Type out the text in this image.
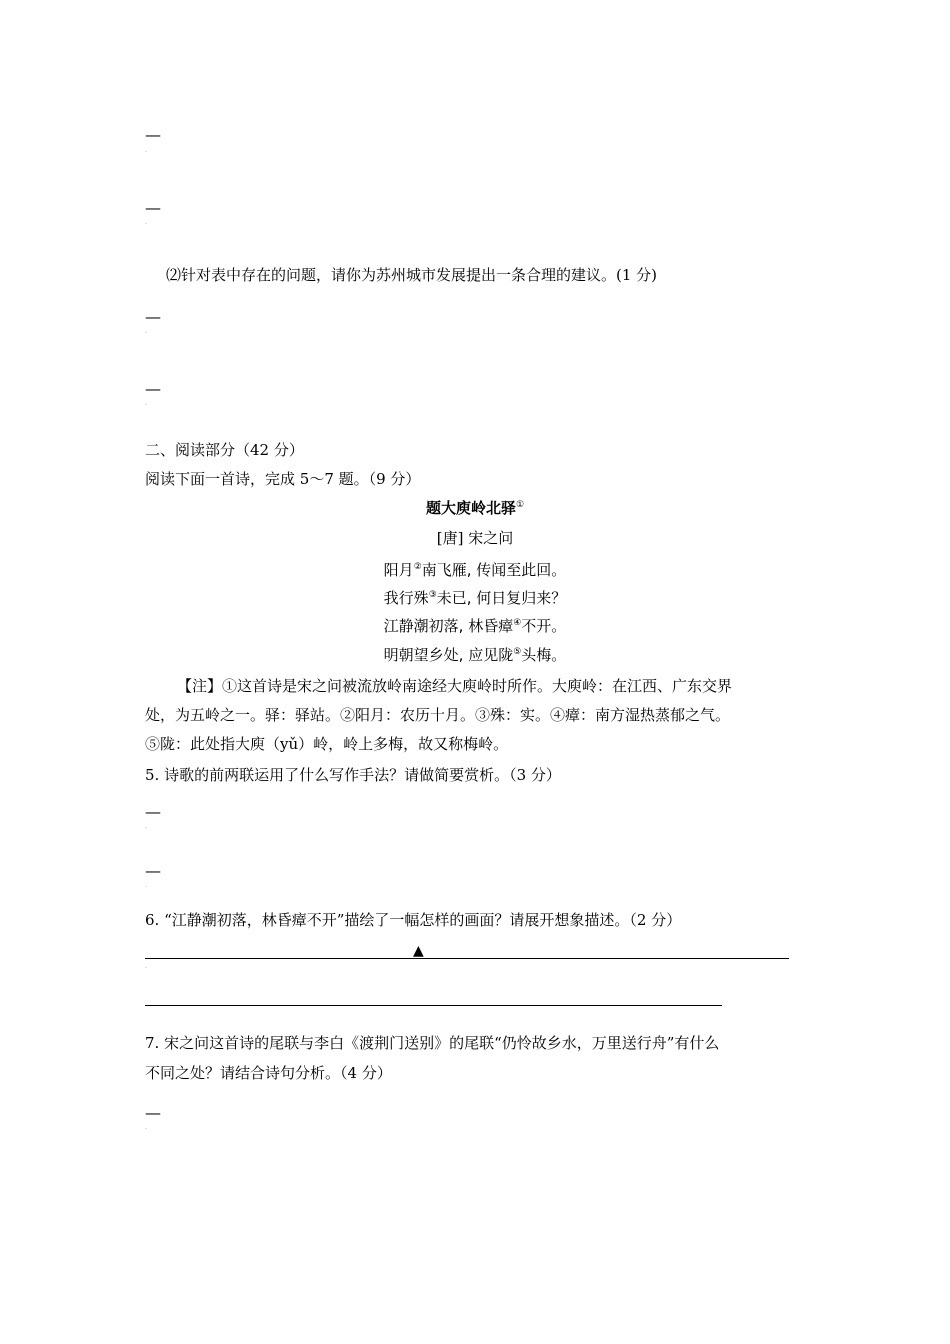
—
·
—
·
⑵针对表中存在的问题，请你为苏州城市发展提出一条合理的建议。(1 分)
—
·
—
·
二、阅读部分（42 分）
阅读下面一首诗，完成 5～7 题。（9 分）
题大庾岭北驿①
[唐] 宋之问
阳月②南飞雁, 传闻至此回。
我行殊③未已, 何日复归来？
江静潮初落, 林昏瘴④不开。
明朝望乡处, 应见陇⑤头梅。
【注】①这首诗是宋之问被流放岭南途经大庾岭时所作。大庾岭：在江西、广东交界
处，为五岭之一。驿：驿站。②阳月：农历十月。③殊：实。④瘴：南方湿热蒸郁之气。
⑤陇：此处指大庾（yǔ）岭，岭上多梅，故又称梅岭。
5. 诗歌的前两联运用了什么写作手法？请做简要赏析。（3 分）
—
·
—
·
6. “江静潮初落，林昏瘴不开”描绘了一幅怎样的画面？请展开想象描述。（2 分）
▲
·
7. 宋之问这首诗的尾联与李白《渡荆门送别》的尾联“仍怜故乡水，万里送行舟”有什么
不同之处？请结合诗句分析。（4 分）
—
·
